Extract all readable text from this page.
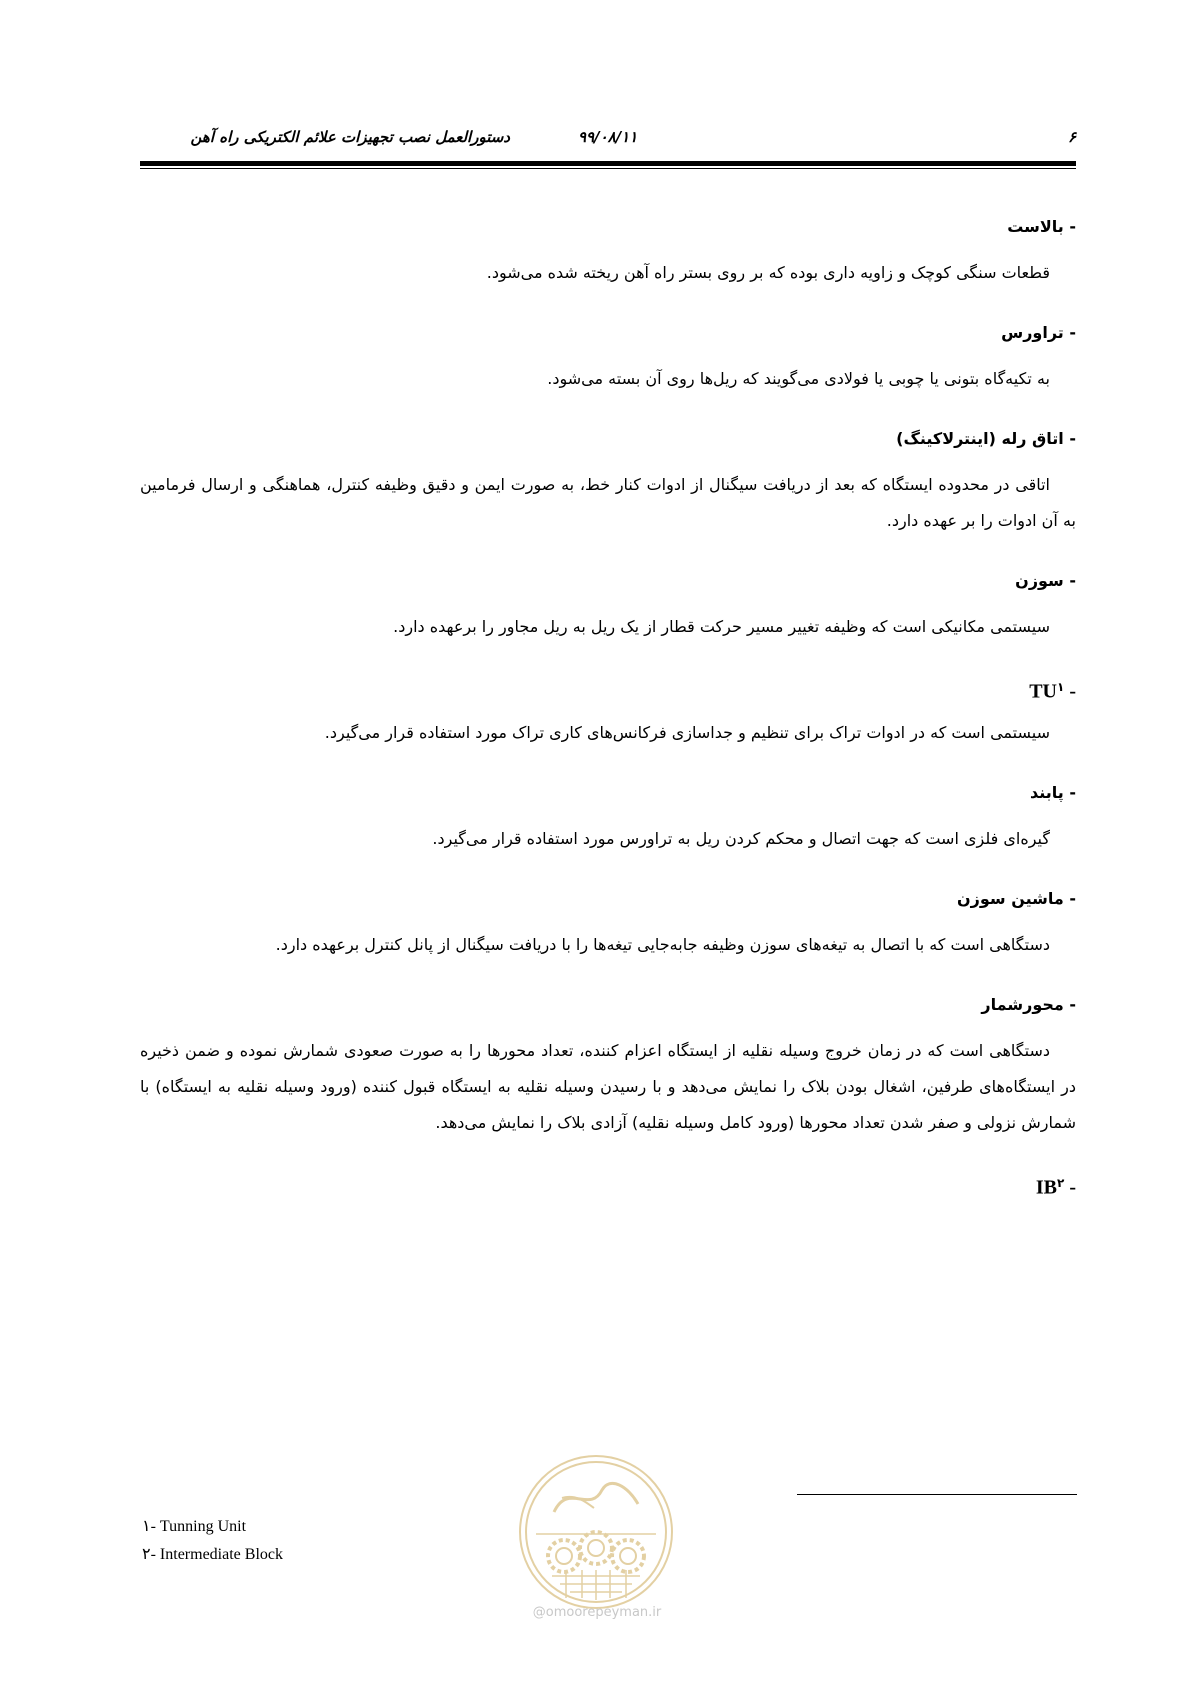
دستورالعمل نصب تجهیزات علائم الکتریکی راه آهن	۹۹/۰۸/۱۱	۶

- بالاست

قطعات سنگی کوچک و زاویه داری بوده که بر روی بستر راه آهن ریخته شده می‌شود.

- تراورس

به تکیه‌گاه بتونی یا چوبی یا فولادی می‌گویند که ریل‌ها روی آن بسته می‌شود.

- اتاق رله (اینترلاکینگ)

اتاقی در محدوده ایستگاه که بعد از دریافت سیگنال از ادوات کنار خط، به صورت ایمن و دقیق وظیفه کنترل، هماهنگی و ارسال فرمامین به آن ادوات را بر عهده دارد.

- سوزن

سیستمی مکانیکی است که وظیفه تغییر مسیر حرکت قطار از یک ریل به ریل مجاور را برعهده دارد.

- $TU^۱$

سیستمی است که در ادوات تراک برای تنظیم و جداسازی فرکانس‌های کاری تراک مورد استفاده قرار می‌گیرد.

- پابند

گیره‌ای فلزی است که جهت اتصال و محکم کردن ریل به تراورس مورد استفاده قرار می‌گیرد.

- ماشین سوزن

دستگاهی است که با اتصال به تیغه‌های سوزن وظیفه جابه‌جایی تیغه‌ها را با دریافت سیگنال از پانل کنترل برعهده دارد.

- محورشمار

دستگاهی است که در زمان خروج وسیله نقلیه از ایستگاه اعزام کننده، تعداد محورها را به صورت صعودی شمارش نموده و ضمن ذخیره در ایستگاه‌های طرفین، اشغال بودن بلاک را نمایش می‌دهد و با رسیدن وسیله نقلیه به ایستگاه قبول کننده (ورود وسیله نقلیه به ایستگاه) با شمارش نزولی و صفر شدن تعداد محورها (ورود کامل وسیله نقلیه) آزادی بلاک را نمایش می‌دهد.

- $IB^۲$

۱- Tunning Unit
۲- Intermediate Block
@omoorepeyman.ir
